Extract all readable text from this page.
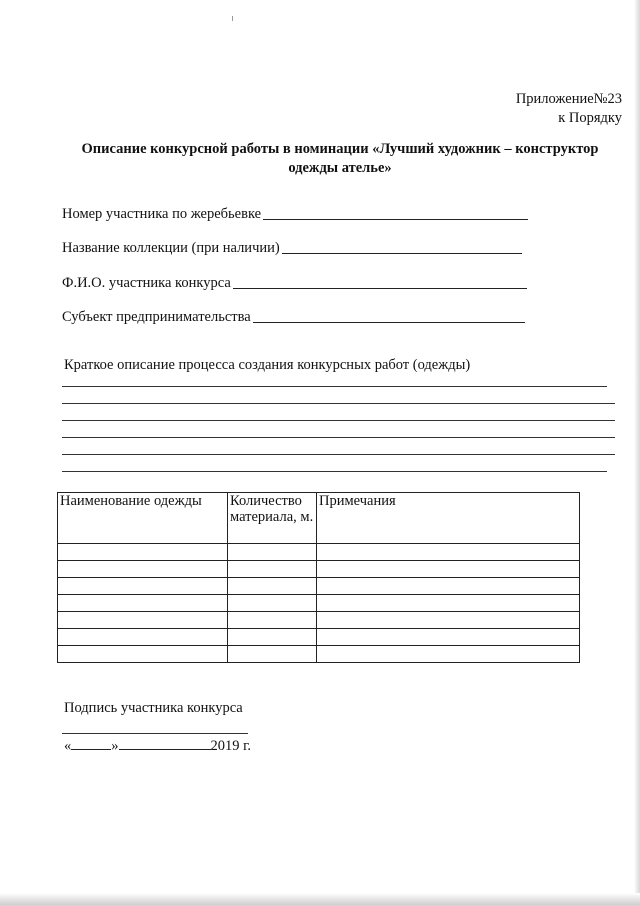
Приложение№23
к Порядку
Описание конкурсной работы в номинации «Лучший художник – конструктор
одежды ателье»
Номер участника по жеребьевке
Название коллекции (при наличии)
Ф.И.О. участника конкурса
Субъект предпринимательства
Краткое описание процесса создания конкурсных работ (одежды)
Наименование одежды	Количество материала, м.	Примечания

Подпись участника конкурса
«	»	2019 г.
